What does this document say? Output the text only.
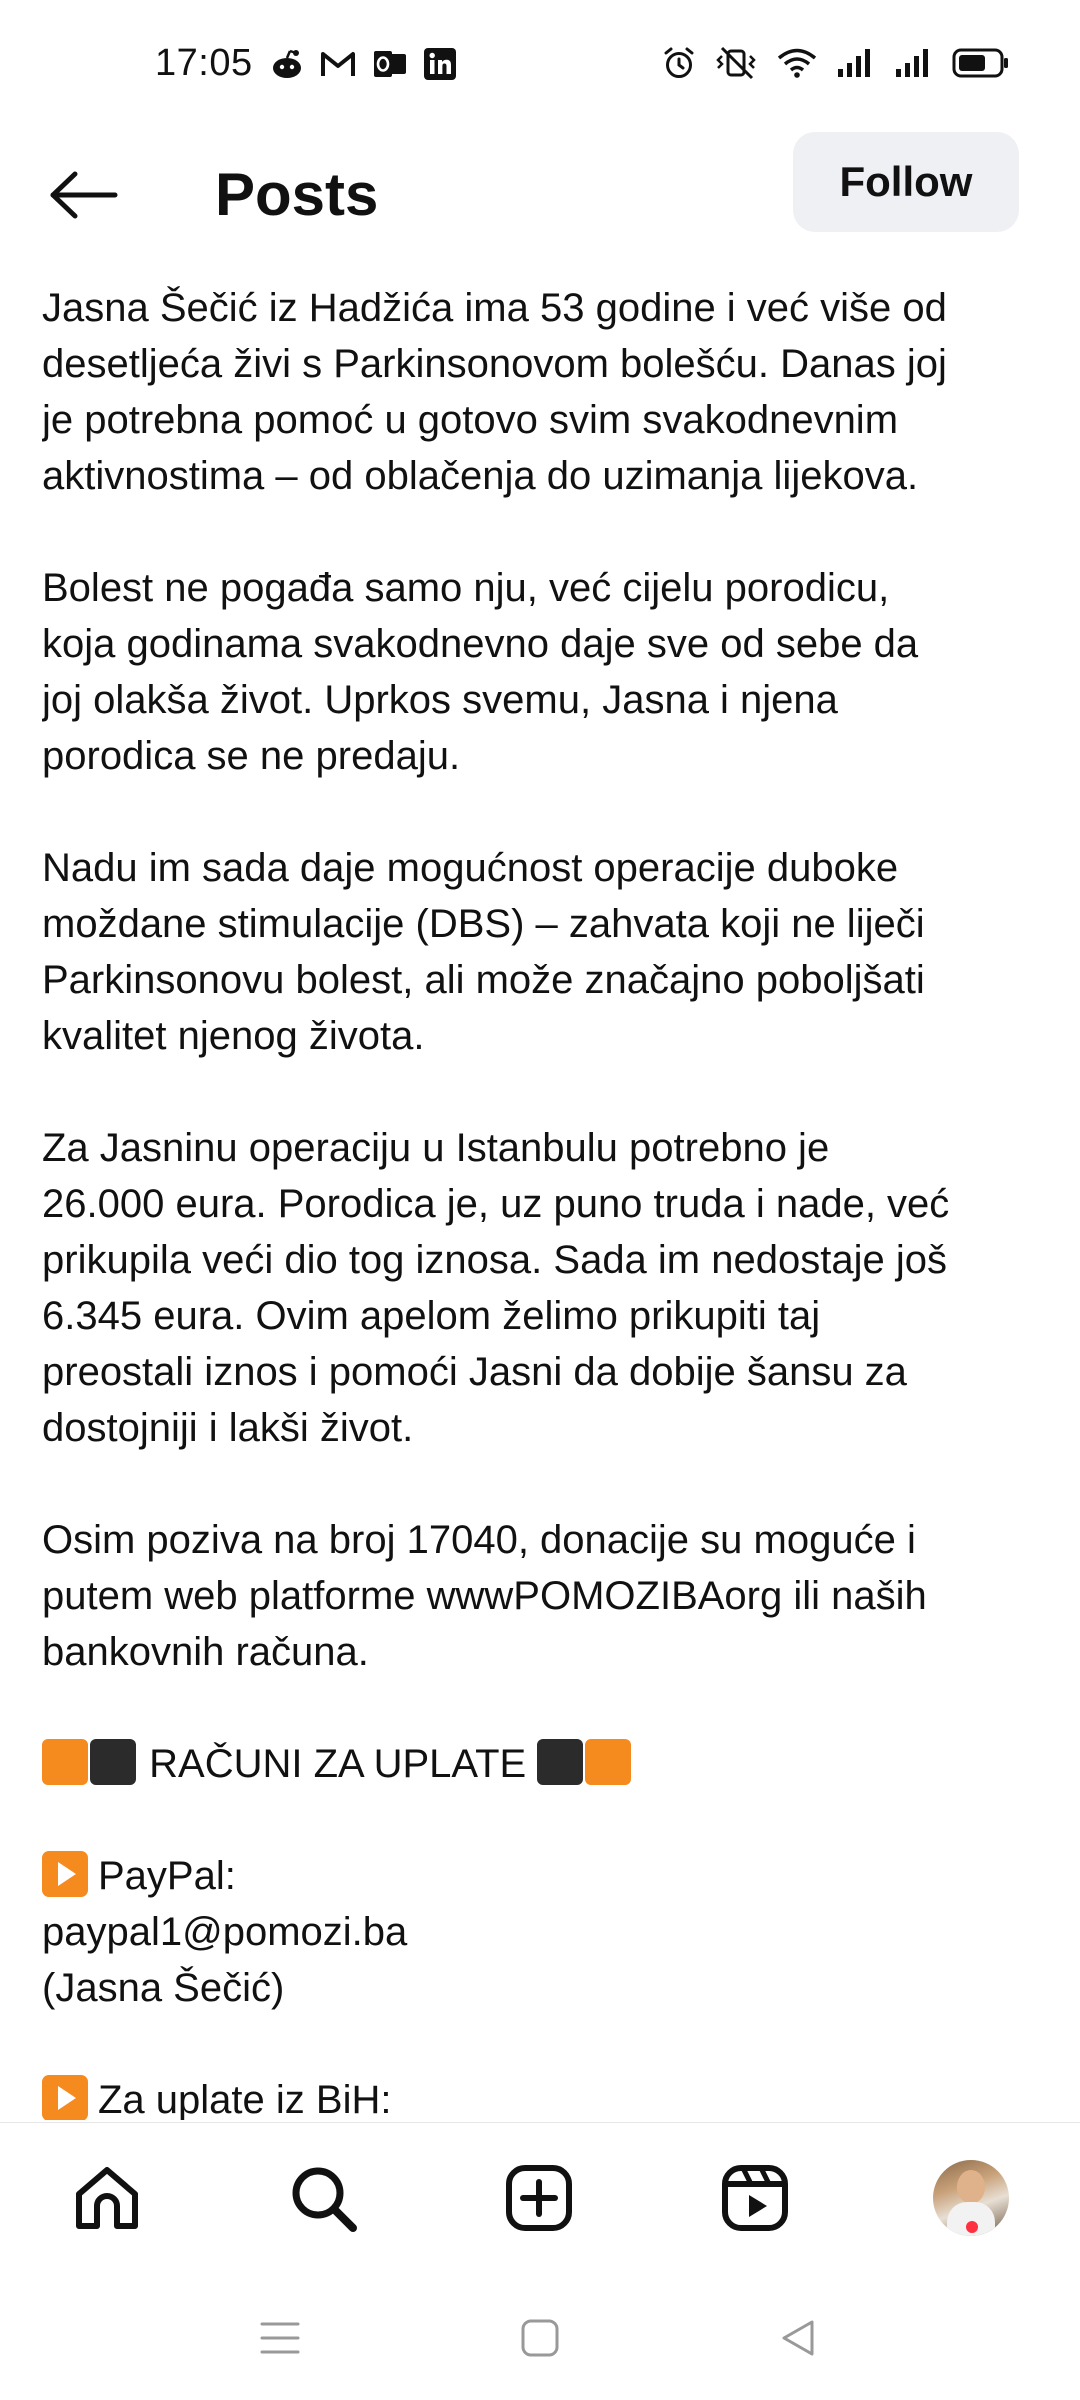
17:05
Posts	Follow
Jasna Šečić iz Hadžića ima 53 godine i već više od
desetljeća živi s Parkinsonovom bolešću. Danas joj
je potrebna pomoć u gotovo svim svakodnevnim
aktivnostima – od oblačenja do uzimanja lijekova.
Bolest ne pogađa samo nju, već cijelu porodicu,
koja godinama svakodnevno daje sve od sebe da
joj olakša život. Uprkos svemu, Jasna i njena
porodica se ne predaju.
Nadu im sada daje mogućnost operacije duboke
moždane stimulacije (DBS) – zahvata koji ne liječi
Parkinsonovu bolest, ali može značajno poboljšati
kvalitet njenog života.
Za Jasninu operaciju u Istanbulu potrebno je
26.000 eura. Porodica je, uz puno truda i nade, već
prikupila veći dio tog iznosa. Sada im nedostaje još
6.345 eura. Ovim apelom želimo prikupiti taj
preostali iznos i pomoći Jasni da dobije šansu za
dostojniji i lakši život.
Osim poziva na broj 17040, donacije su moguće i
putem web platforme wwwPOMOZIBAorg ili naših
bankovnih računa.
RAČUNI ZA UPLATE
PayPal:
paypal1@pomozi.ba
(Jasna Šečić)
Za uplate iz BiH:
